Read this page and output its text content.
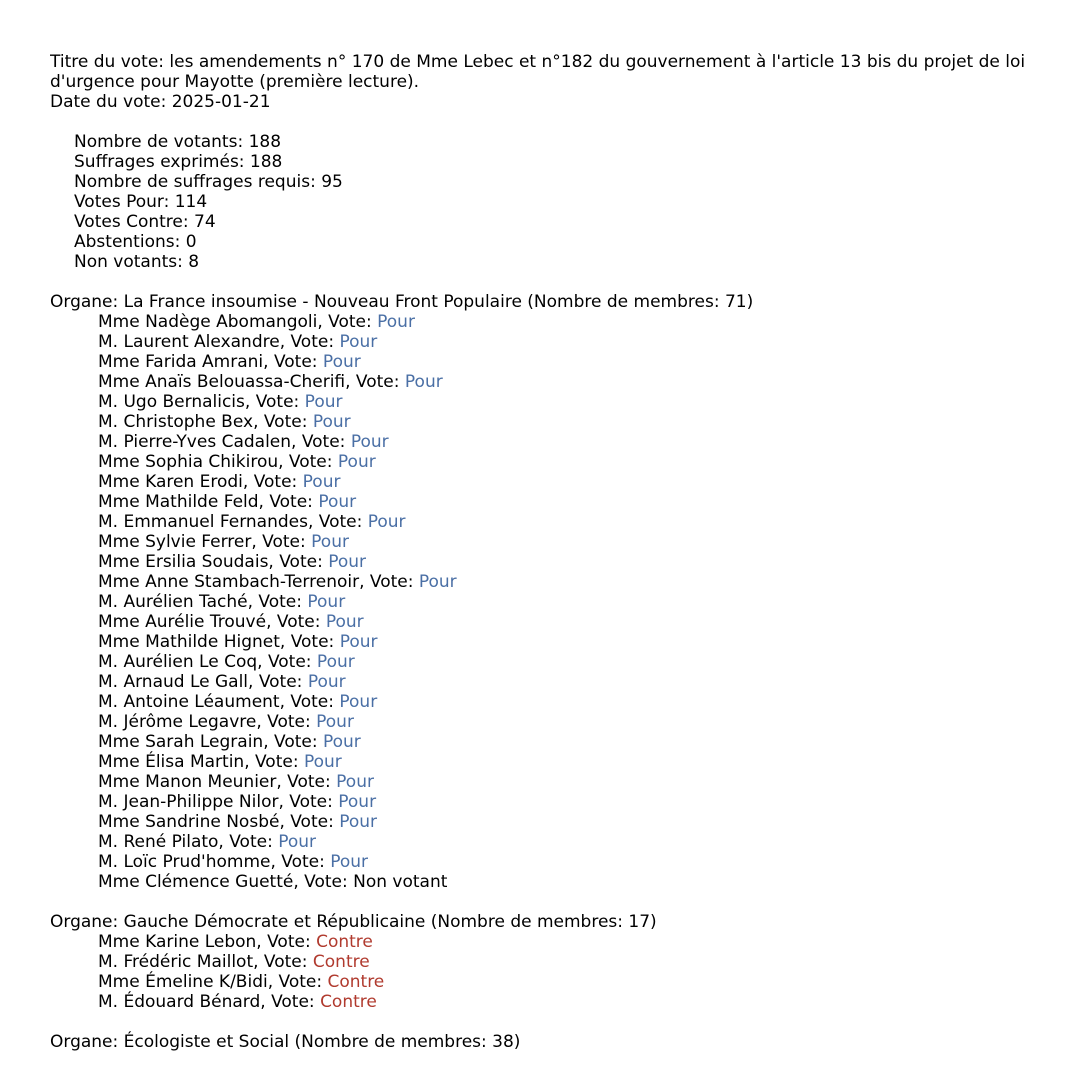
Titre du vote: les amendements n° 170 de Mme Lebec et n°182 du gouvernement à l'article 13 bis du projet de loi
d'urgence pour Mayotte (première lecture).
Date du vote: 2025-01-21
Nombre de votants: 188
Suffrages exprimés: 188
Nombre de suffrages requis: 95
Votes Pour: 114
Votes Contre: 74
Abstentions: 0
Non votants: 8
Organe: La France insoumise - Nouveau Front Populaire (Nombre de membres: 71)
Mme Nadège Abomangoli, Vote: Pour
M. Laurent Alexandre, Vote: Pour
Mme Farida Amrani, Vote: Pour
Mme Anaïs Belouassa-Cherifi, Vote: Pour
M. Ugo Bernalicis, Vote: Pour
M. Christophe Bex, Vote: Pour
M. Pierre-Yves Cadalen, Vote: Pour
Mme Sophia Chikirou, Vote: Pour
Mme Karen Erodi, Vote: Pour
Mme Mathilde Feld, Vote: Pour
M. Emmanuel Fernandes, Vote: Pour
Mme Sylvie Ferrer, Vote: Pour
Mme Ersilia Soudais, Vote: Pour
Mme Anne Stambach-Terrenoir, Vote: Pour
M. Aurélien Taché, Vote: Pour
Mme Aurélie Trouvé, Vote: Pour
Mme Mathilde Hignet, Vote: Pour
M. Aurélien Le Coq, Vote: Pour
M. Arnaud Le Gall, Vote: Pour
M. Antoine Léaument, Vote: Pour
M. Jérôme Legavre, Vote: Pour
Mme Sarah Legrain, Vote: Pour
Mme Élisa Martin, Vote: Pour
Mme Manon Meunier, Vote: Pour
M. Jean-Philippe Nilor, Vote: Pour
Mme Sandrine Nosbé, Vote: Pour
M. René Pilato, Vote: Pour
M. Loïc Prud'homme, Vote: Pour
Mme Clémence Guetté, Vote: Non votant
Organe: Gauche Démocrate et Républicaine (Nombre de membres: 17)
Mme Karine Lebon, Vote: Contre
M. Frédéric Maillot, Vote: Contre
Mme Émeline K/Bidi, Vote: Contre
M. Édouard Bénard, Vote: Contre
Organe: Écologiste et Social (Nombre de membres: 38)
